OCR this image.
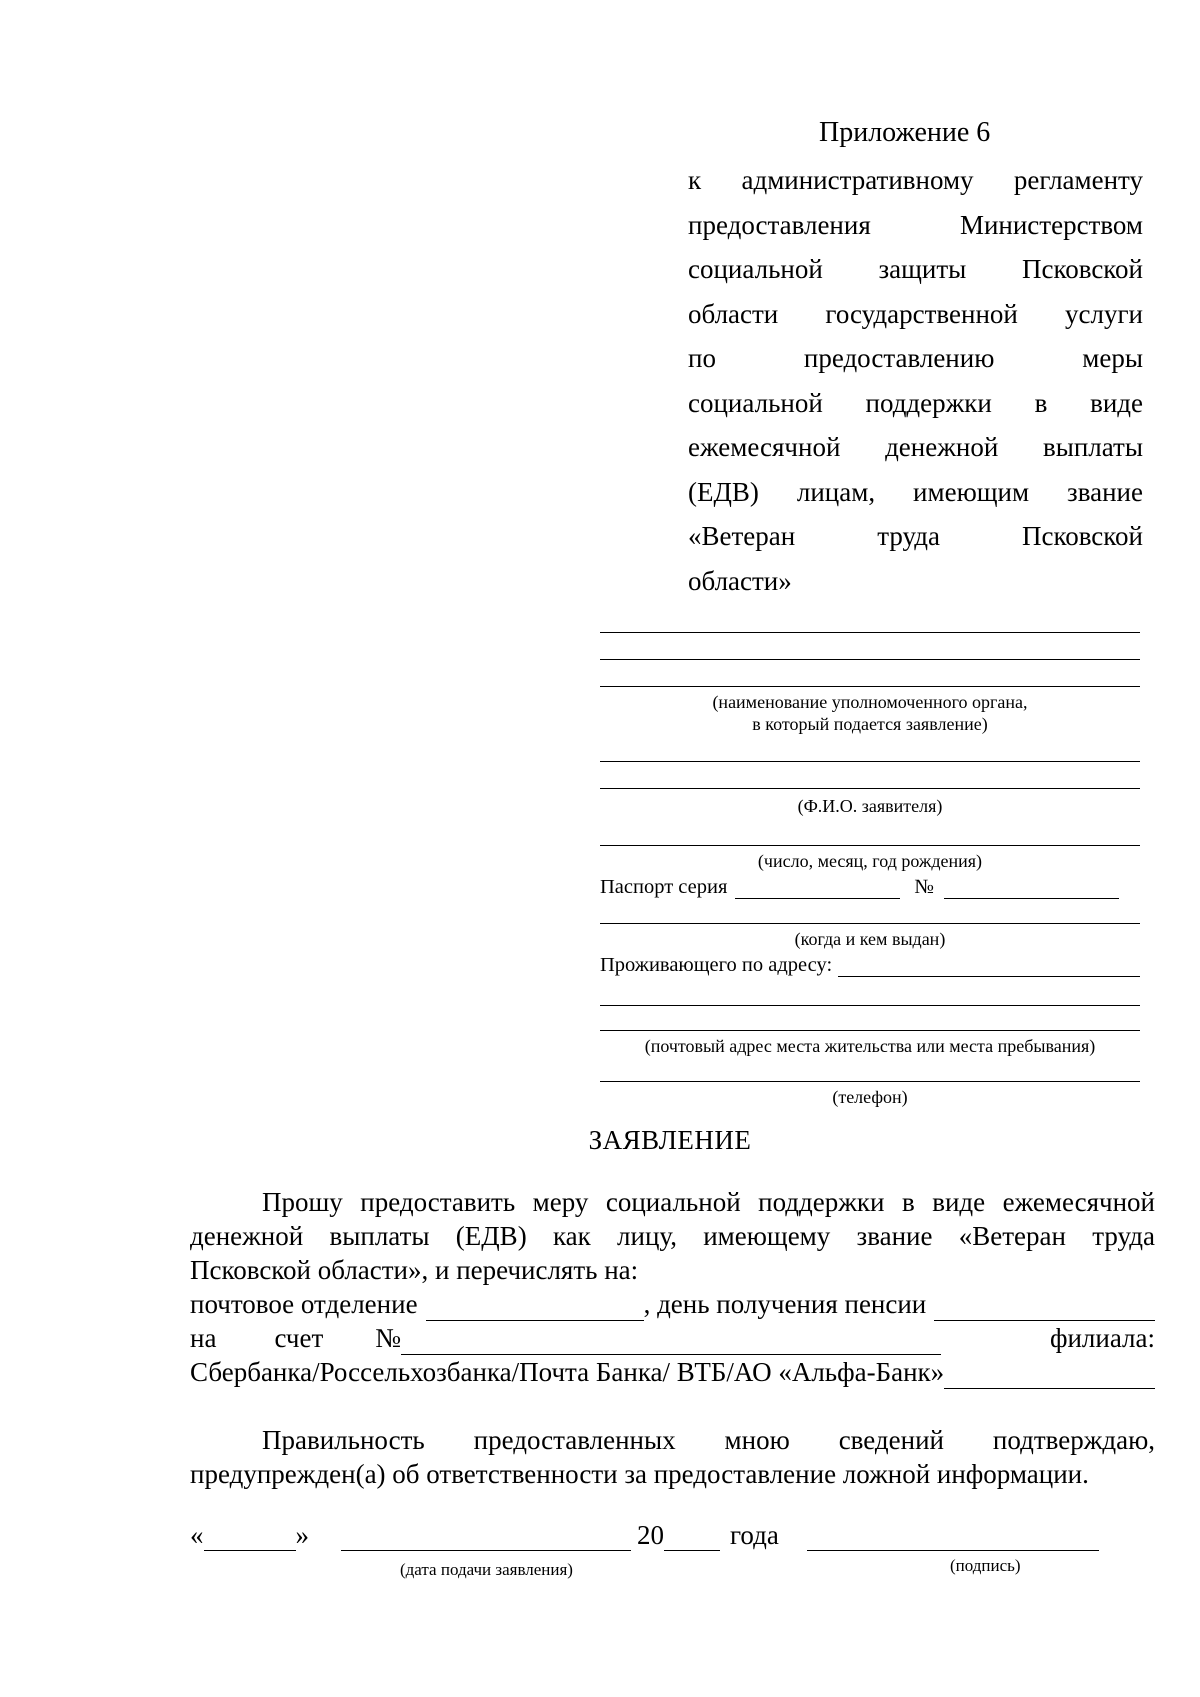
Приложение 6

к административному регламенту
предоставления Министерством
социальной защиты Псковской
области государственной услуги
по предоставлению меры
социальной поддержки в виде
ежемесячной денежной выплаты
(ЕДВ) лицам, имеющим звание
«Ветеран труда Псковской
области»
(наименование уполномоченного органа,
в который подается заявление)
(Ф.И.О. заявителя)
(число, месяц, год рождения)
Паспорт серия	№
(когда и кем выдан)
Проживающего по адресу:
(почтовый адрес места жительства или места пребывания)
(телефон)
ЗАЯВЛЕНИЕ

Прошу предоставить меру социальной поддержки в виде ежемесячной

денежной выплаты (ЕДВ) как лицу, имеющему звание «Ветеран труда

Псковской области», и перечислять на:

почтовое отделение	, день получения пенсии
на счет №	филиала:
Сбербанка/Россельхозбанка/Почта Банка/ ВТБ/АО «Альфа-Банк»

Правильность предоставленных мною сведений подтверждаю,

предупрежден(а) об ответственности за предоставление ложной информации.

«	»	20 года
(дата подачи заявления)	(подпись)
